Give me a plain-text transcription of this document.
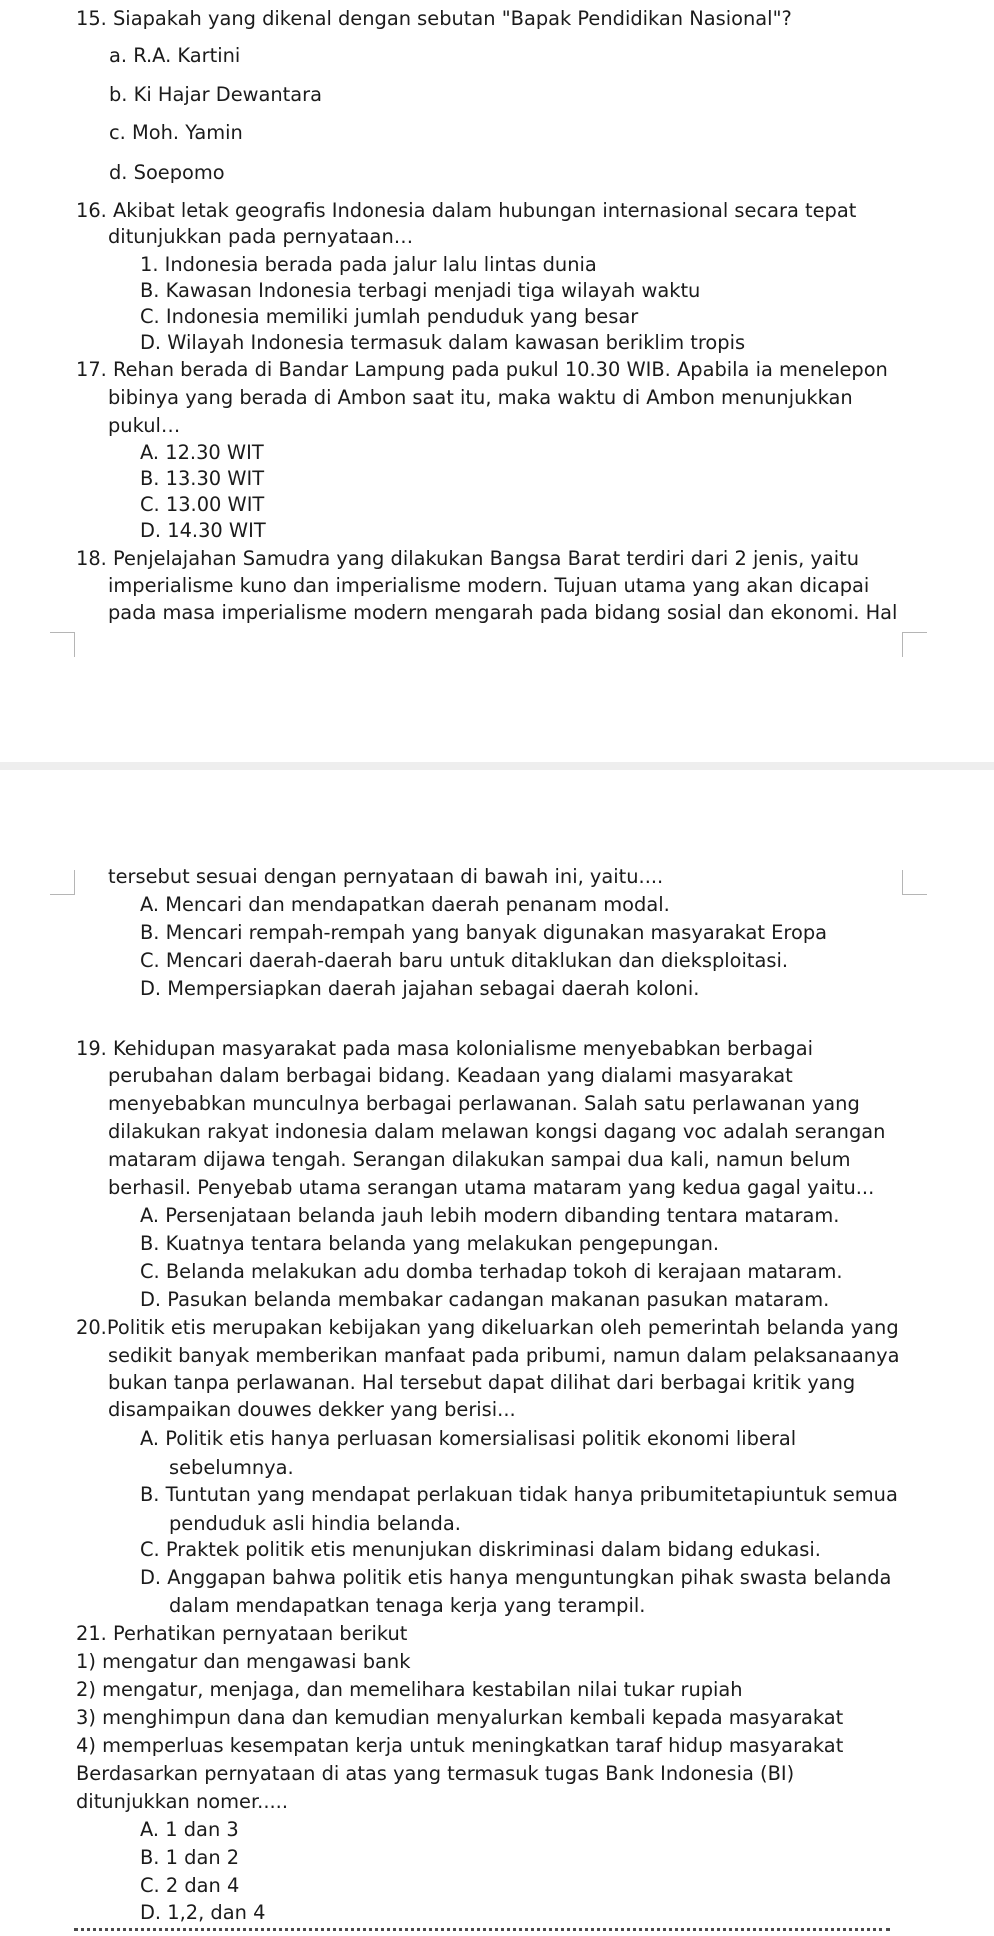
15. Siapakah yang dikenal dengan sebutan "Bapak Pendidikan Nasional"?
a. R.A. Kartini
b. Ki Hajar Dewantara
c. Moh. Yamin
d. Soepomo
16. Akibat letak geografis Indonesia dalam hubungan internasional secara tepat
ditunjukkan pada pernyataan…
1. Indonesia berada pada jalur lalu lintas dunia
B. Kawasan Indonesia terbagi menjadi tiga wilayah waktu
C. Indonesia memiliki jumlah penduduk yang besar
D. Wilayah Indonesia termasuk dalam kawasan beriklim tropis
17. Rehan berada di Bandar Lampung pada pukul 10.30 WIB. Apabila ia menelepon
bibinya yang berada di Ambon saat itu, maka waktu di Ambon menunjukkan
pukul…
A. 12.30 WIT
B. 13.30 WIT
C. 13.00 WIT
D. 14.30 WIT
18. Penjelajahan Samudra yang dilakukan Bangsa Barat terdiri dari 2 jenis, yaitu
imperialisme kuno dan imperialisme modern. Tujuan utama yang akan dicapai
pada masa imperialisme modern mengarah pada bidang sosial dan ekonomi. Hal
tersebut sesuai dengan pernyataan di bawah ini, yaitu....
A. Mencari dan mendapatkan daerah penanam modal.
B. Mencari rempah-rempah yang banyak digunakan masyarakat Eropa
C. Mencari daerah-daerah baru untuk ditaklukan dan dieksploitasi.
D. Mempersiapkan daerah jajahan sebagai daerah koloni.
19. Kehidupan masyarakat pada masa kolonialisme menyebabkan berbagai
perubahan dalam berbagai bidang. Keadaan yang dialami masyarakat
menyebabkan munculnya berbagai perlawanan. Salah satu perlawanan yang
dilakukan rakyat indonesia dalam melawan kongsi dagang voc adalah serangan
mataram dijawa tengah. Serangan dilakukan sampai dua kali, namun belum
berhasil. Penyebab utama serangan utama mataram yang kedua gagal yaitu...
A. Persenjataan belanda jauh lebih modern dibanding tentara mataram.
B. Kuatnya tentara belanda yang melakukan pengepungan.
C. Belanda melakukan adu domba terhadap tokoh di kerajaan mataram.
D. Pasukan belanda membakar cadangan makanan pasukan mataram.
20.Politik etis merupakan kebijakan yang dikeluarkan oleh pemerintah belanda yang
sedikit banyak memberikan manfaat pada pribumi, namun dalam pelaksanaanya
bukan tanpa perlawanan. Hal tersebut dapat dilihat dari berbagai kritik yang
disampaikan douwes dekker yang berisi...
A. Politik etis hanya perluasan komersialisasi politik ekonomi liberal
sebelumnya.
B. Tuntutan yang mendapat perlakuan tidak hanya pribumitetapiuntuk semua
penduduk asli hindia belanda.
C. Praktek politik etis menunjukan diskriminasi dalam bidang edukasi.
D. Anggapan bahwa politik etis hanya menguntungkan pihak swasta belanda
dalam mendapatkan tenaga kerja yang terampil.
21. Perhatikan pernyataan berikut
1) mengatur dan mengawasi bank
2) mengatur, menjaga, dan memelihara kestabilan nilai tukar rupiah
3) menghimpun dana dan kemudian menyalurkan kembali kepada masyarakat
4) memperluas kesempatan kerja untuk meningkatkan taraf hidup masyarakat
Berdasarkan pernyataan di atas yang termasuk tugas Bank Indonesia (BI)
ditunjukkan nomer.....
A. 1 dan 3
B. 1 dan 2
C. 2 dan 4
D. 1,2, dan 4
